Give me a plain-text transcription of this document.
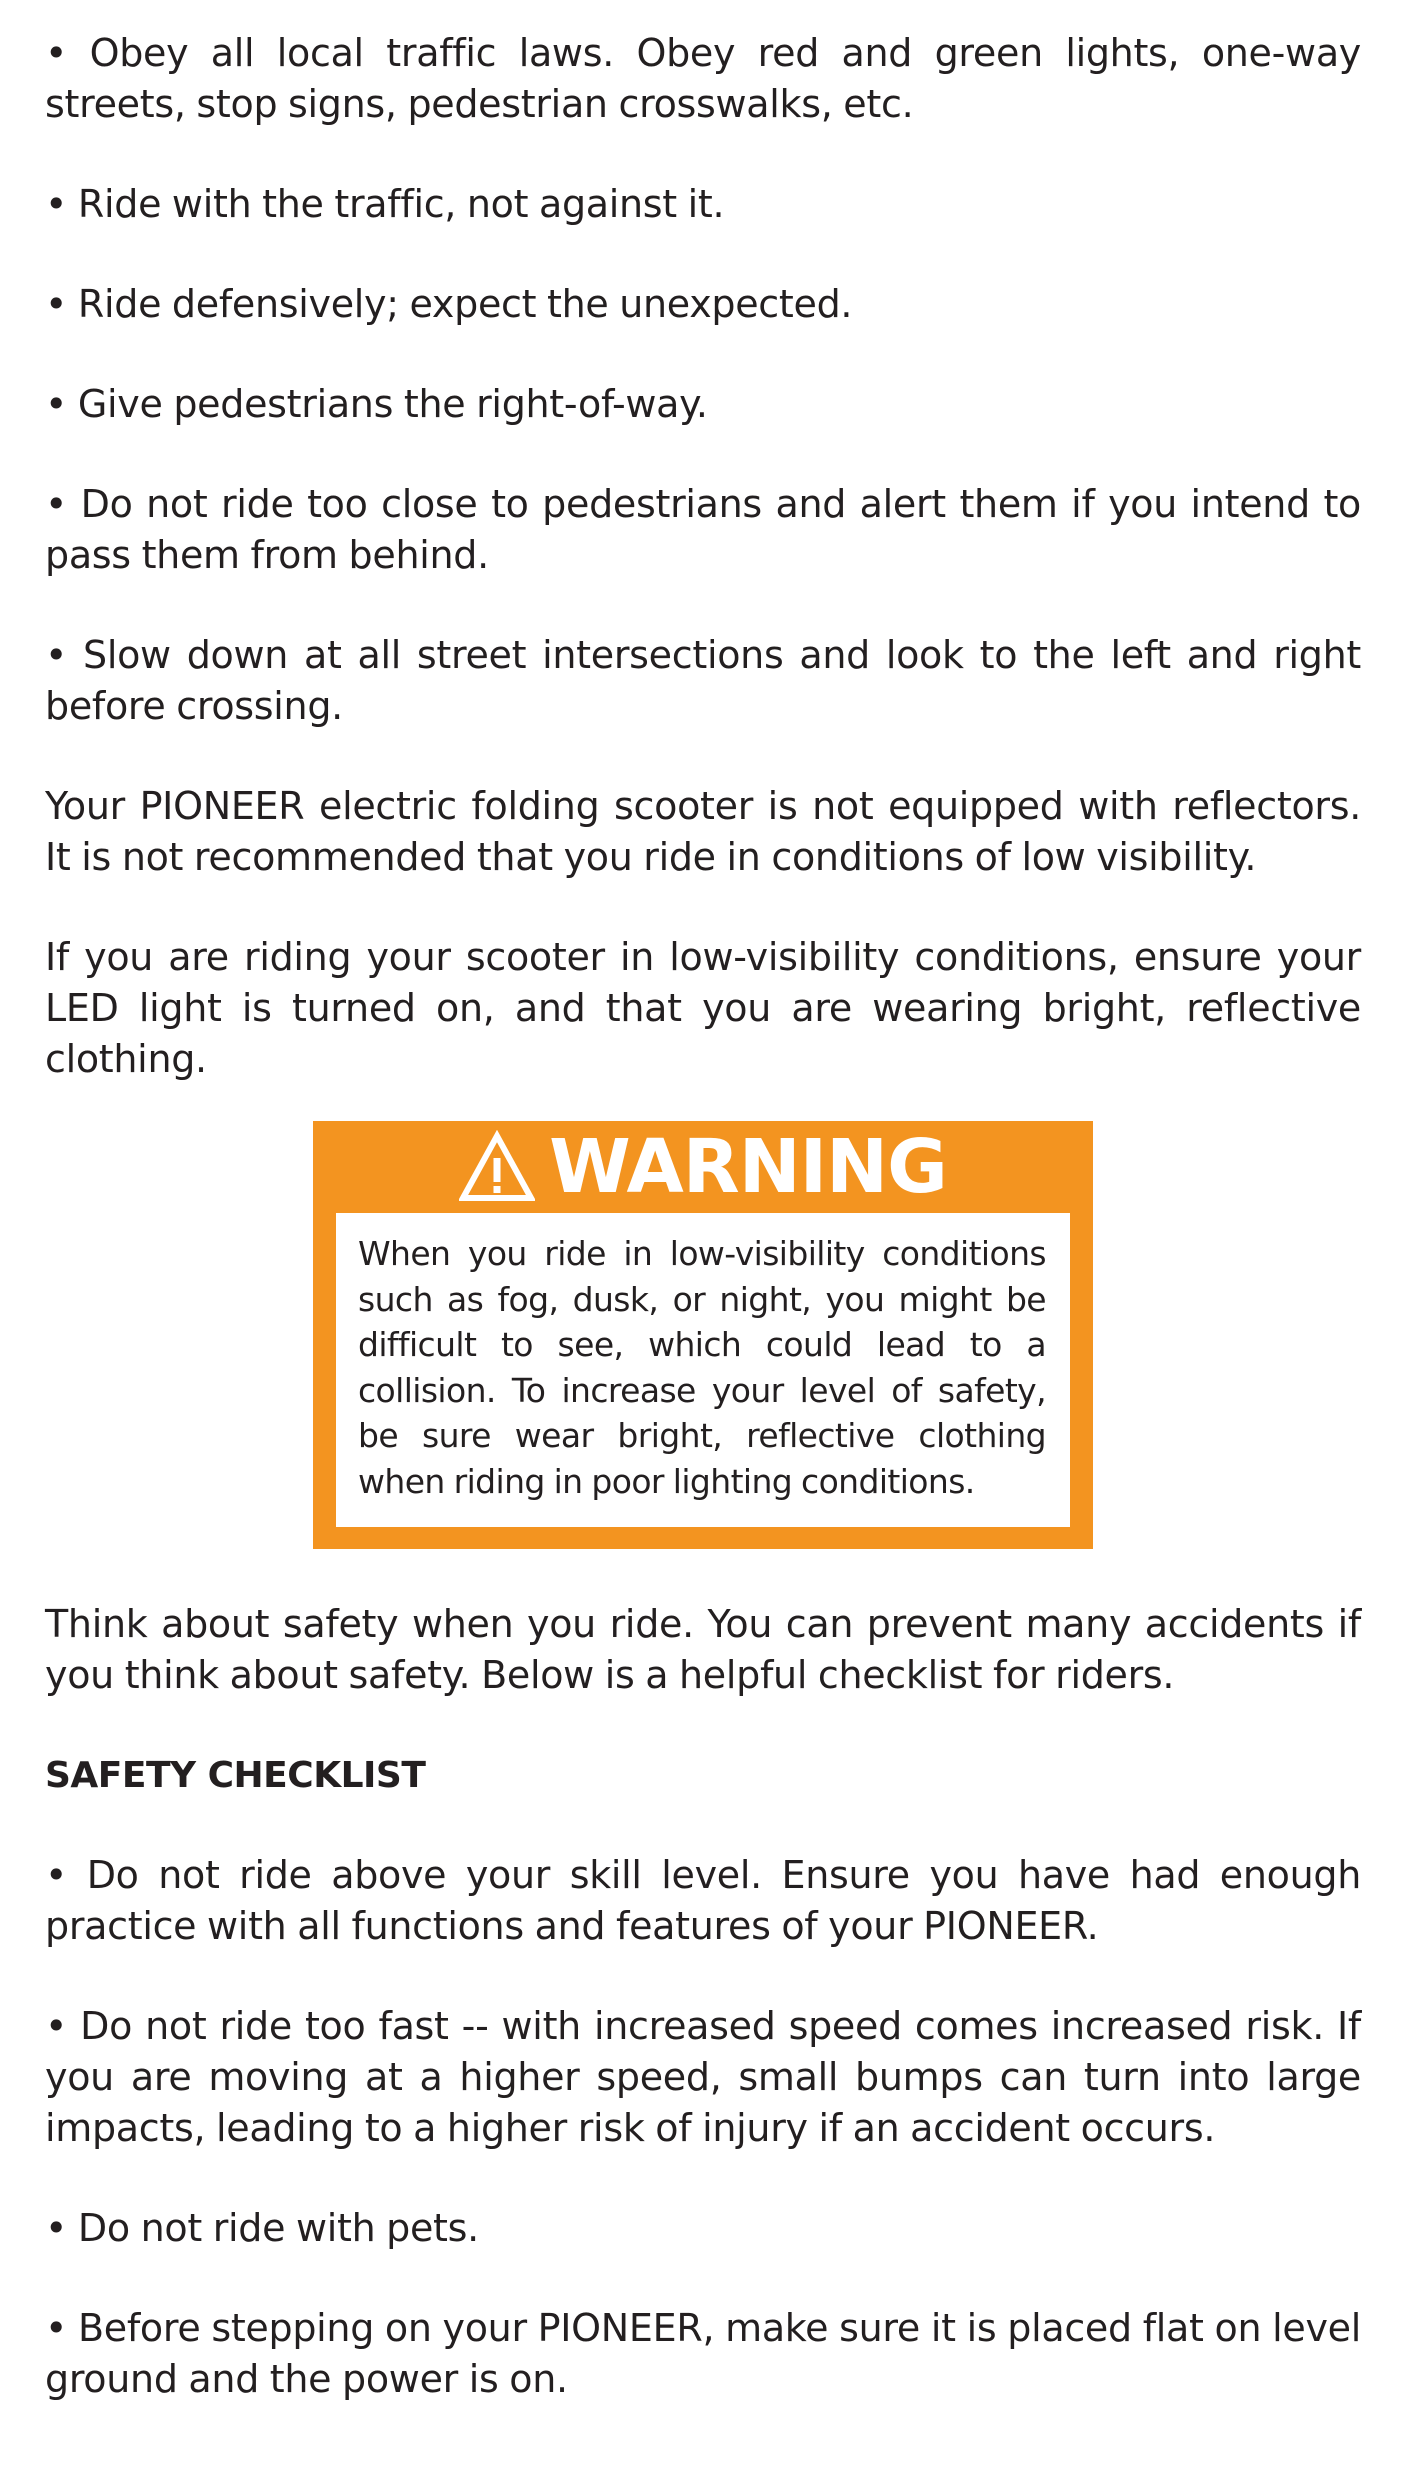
• Obey all local traffic laws. Obey red and green lights, one-way streets, stop signs, pedestrian crosswalks, etc.

• Ride with the traffic, not against it.

• Ride defensively; expect the unexpected.

• Give pedestrians the right-of-way.

• Do not ride too close to pedestrians and alert them if you intend to pass them from behind.

• Slow down at all street intersections and look to the left and right before crossing.

Your PIONEER electric folding scooter is not equipped with reflectors. It is not recommended that you ride in conditions of low visibility.

If you are riding your scooter in low-visibility conditions, ensure your LED light is turned on, and that you are wearing bright, reflective clothing.

WARNING
When you ride in low-visibility conditions such as fog, dusk, or night, you might be difficult to see, which could lead to a collision. To increase your level of safety, be sure wear bright, reflective clothing when riding in poor lighting conditions.

Think about safety when you ride. You can prevent many accidents if you think about safety. Below is a helpful checklist for riders.

SAFETY CHECKLIST

• Do not ride above your skill level. Ensure you have had enough practice with all functions and features of your PIONEER.

• Do not ride too fast -- with increased speed comes increased risk. If you are moving at a higher speed, small bumps can turn into large impacts, leading to a higher risk of injury if an accident occurs.

• Do not ride with pets.

• Before stepping on your PIONEER, make sure it is placed flat on level ground and the power is on.
